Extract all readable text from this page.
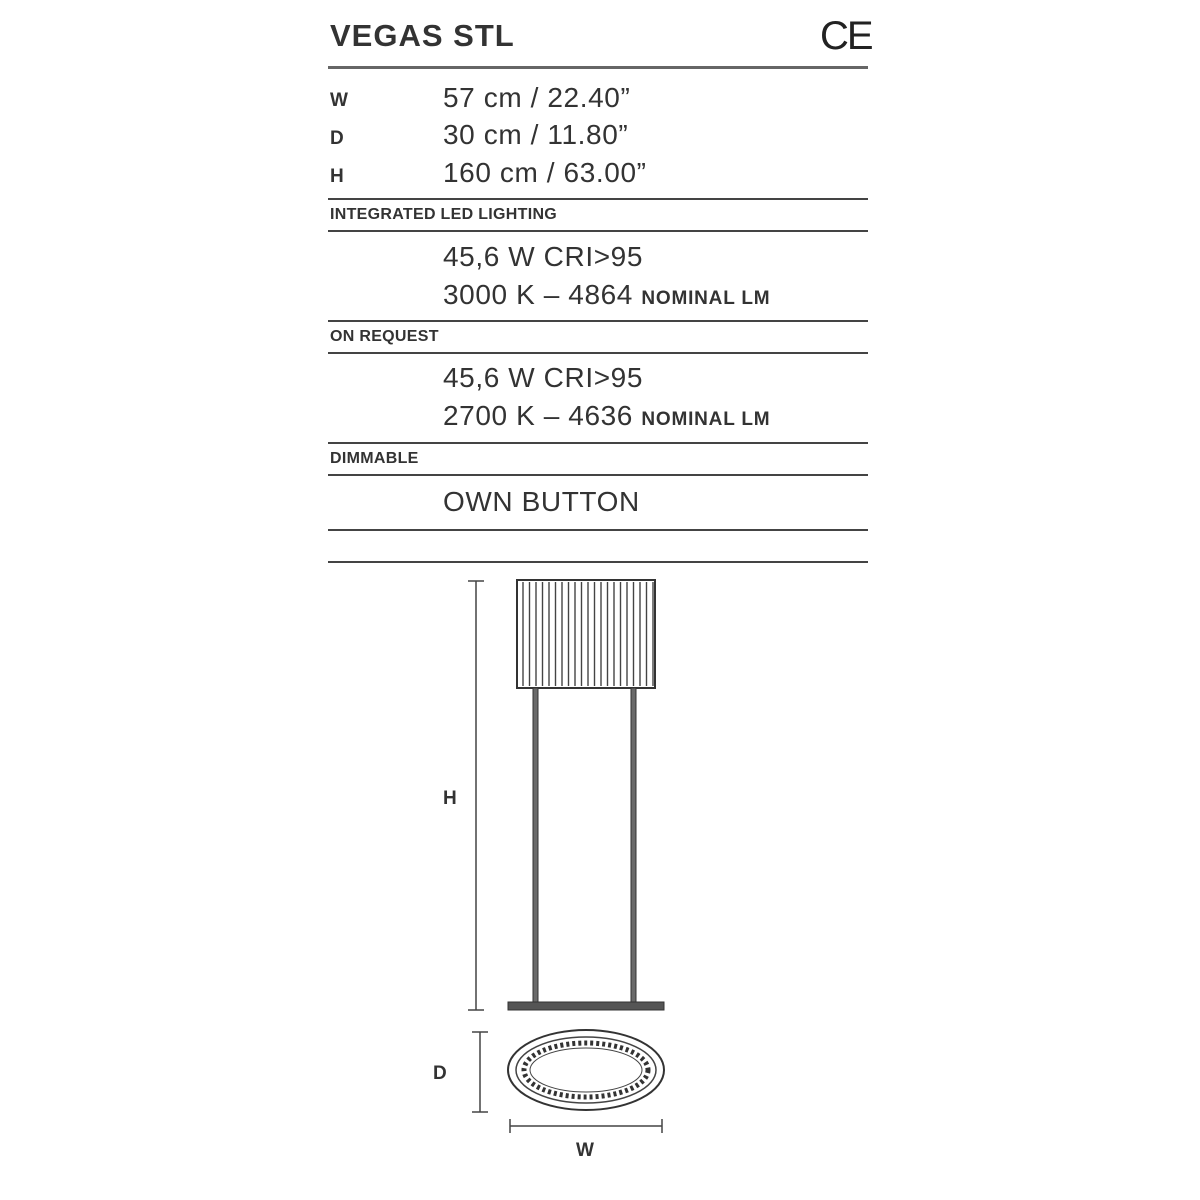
VEGAS STL	CE
W	57 cm / 22.40”
D	30 cm / 11.80”
H	160 cm / 63.00”
INTEGRATED LED LIGHTING
45,6 W CRI>95
3000 K – 4864 NOMINAL LM
ON REQUEST
45,6 W CRI>95
2700 K – 4636 NOMINAL LM
DIMMABLE
OWN BUTTON
H
D
W
